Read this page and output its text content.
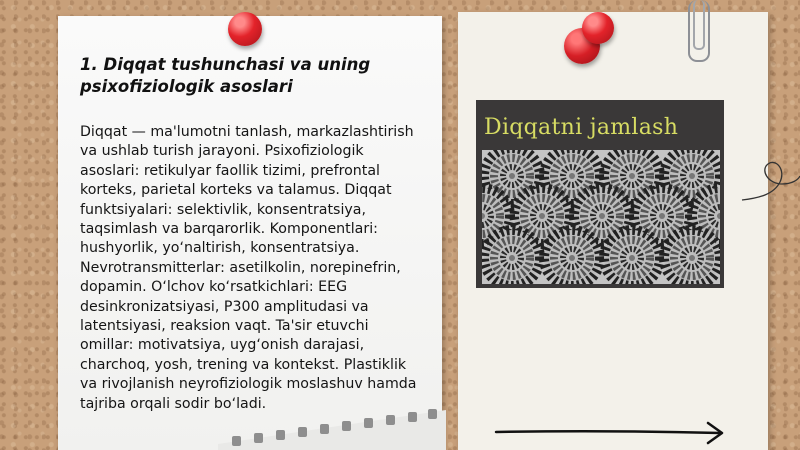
1. Diqqat tushunchasi va uning psixofiziologik asoslari
Diqqat — ma'lumotni tanlash, markazlashtirish va ushlab turish jarayoni. Psixofiziologik asoslari: retikulyar faollik tizimi, prefrontal korteks, parietal korteks va talamus. Diqqat funktsiyalari: selektivlik, konsentratsiya, taqsimlash va barqarorlik. Komponentlari: hushyorlik, yo‘naltirish, konsentratsiya. Nevrotransmitterlar: asetilkolin, norepinefrin, dopamin. O‘lchov ko‘rsatkichlari: EEG desinkronizatsiyasi, P300 amplitudasi va latentsiyasi, reaksion vaqt. Ta'sir etuvchi omillar: motivatsiya, uyg‘onish darajasi, charchoq, yosh, trening va kontekst. Plastiklik va rivojlanish neyrofiziologik moslashuv hamda tajriba orqali sodir bo‘ladi.
Diqqatni jamlash
